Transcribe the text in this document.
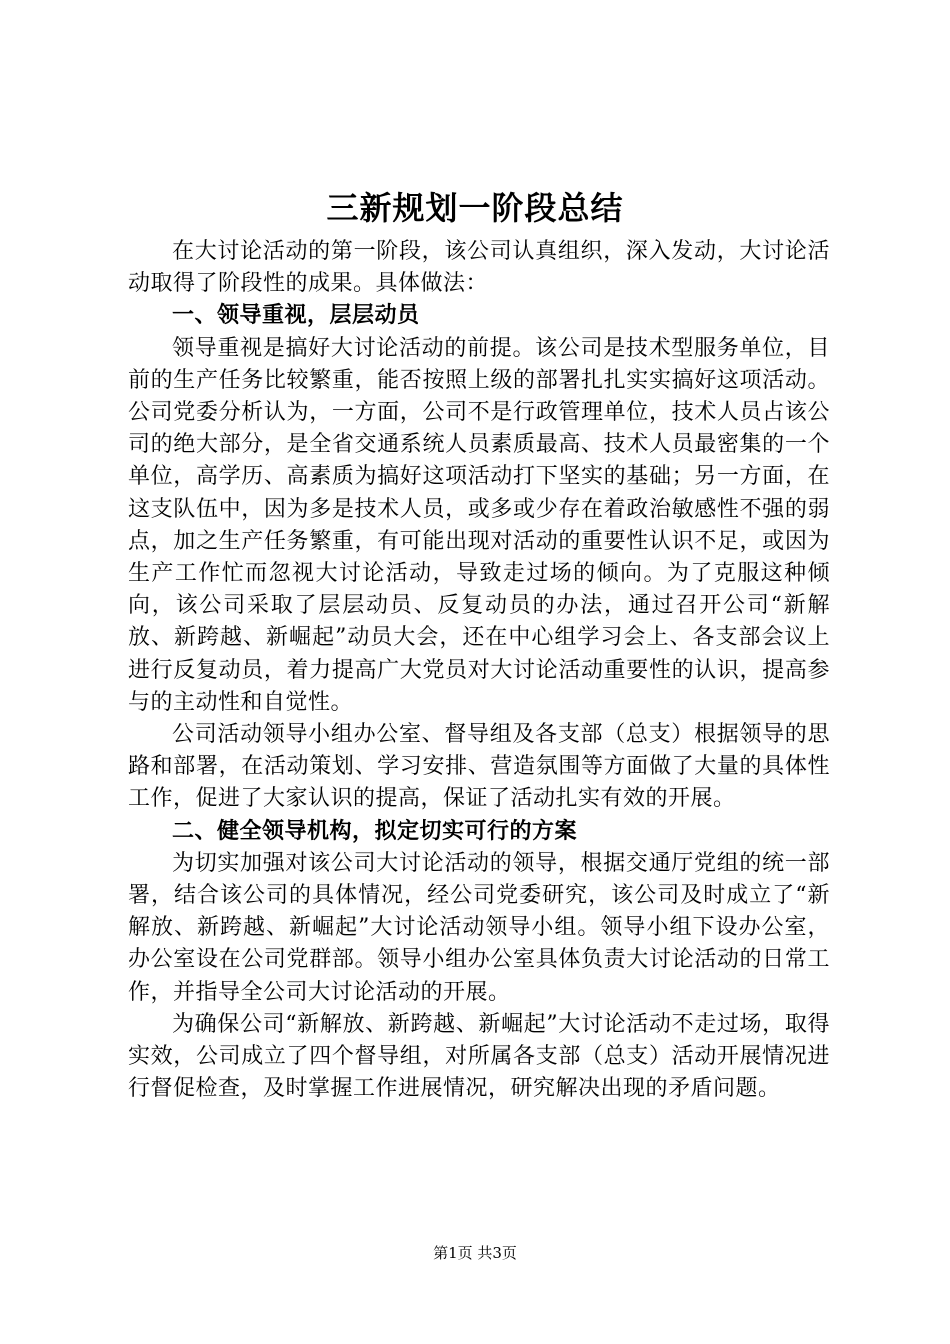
三新规划一阶段总结

在大讨论活动的第一阶段，该公司认真组织，深入发动，大讨论活动取得了阶段性的成果。具体做法：

一、领导重视，层层动员

领导重视是搞好大讨论活动的前提。该公司是技术型服务单位，目前的生产任务比较繁重，能否按照上级的部署扎扎实实搞好这项活动。公司党委分析认为，一方面，公司不是行政管理单位，技术人员占该公司的绝大部分，是全省交通系统人员素质最高、技术人员最密集的一个单位，高学历、高素质为搞好这项活动打下坚实的基础；另一方面，在这支队伍中，因为多是技术人员，或多或少存在着政治敏感性不强的弱点，加之生产任务繁重，有可能出现对活动的重要性认识不足，或因为生产工作忙而忽视大讨论活动，导致走过场的倾向。为了克服这种倾向，该公司采取了层层动员、反复动员的办法，通过召开公司“新解放、新跨越、新崛起”动员大会，还在中心组学习会上、各支部会议上进行反复动员，着力提高广大党员对大讨论活动重要性的认识，提高参与的主动性和自觉性。

公司活动领导小组办公室、督导组及各支部（总支）根据领导的思路和部署，在活动策划、学习安排、营造氛围等方面做了大量的具体性工作，促进了大家认识的提高，保证了活动扎实有效的开展。

二、健全领导机构，拟定切实可行的方案

为切实加强对该公司大讨论活动的领导，根据交通厅党组的统一部署，结合该公司的具体情况，经公司党委研究，该公司及时成立了“新解放、新跨越、新崛起”大讨论活动领导小组。领导小组下设办公室，办公室设在公司党群部。领导小组办公室具体负责大讨论活动的日常工作，并指导全公司大讨论活动的开展。

为确保公司“新解放、新跨越、新崛起”大讨论活动不走过场，取得实效，公司成立了四个督导组，对所属各支部（总支）活动开展情况进行督促检查，及时掌握工作进展情况，研究解决出现的矛盾问题。

第1页 共3页
